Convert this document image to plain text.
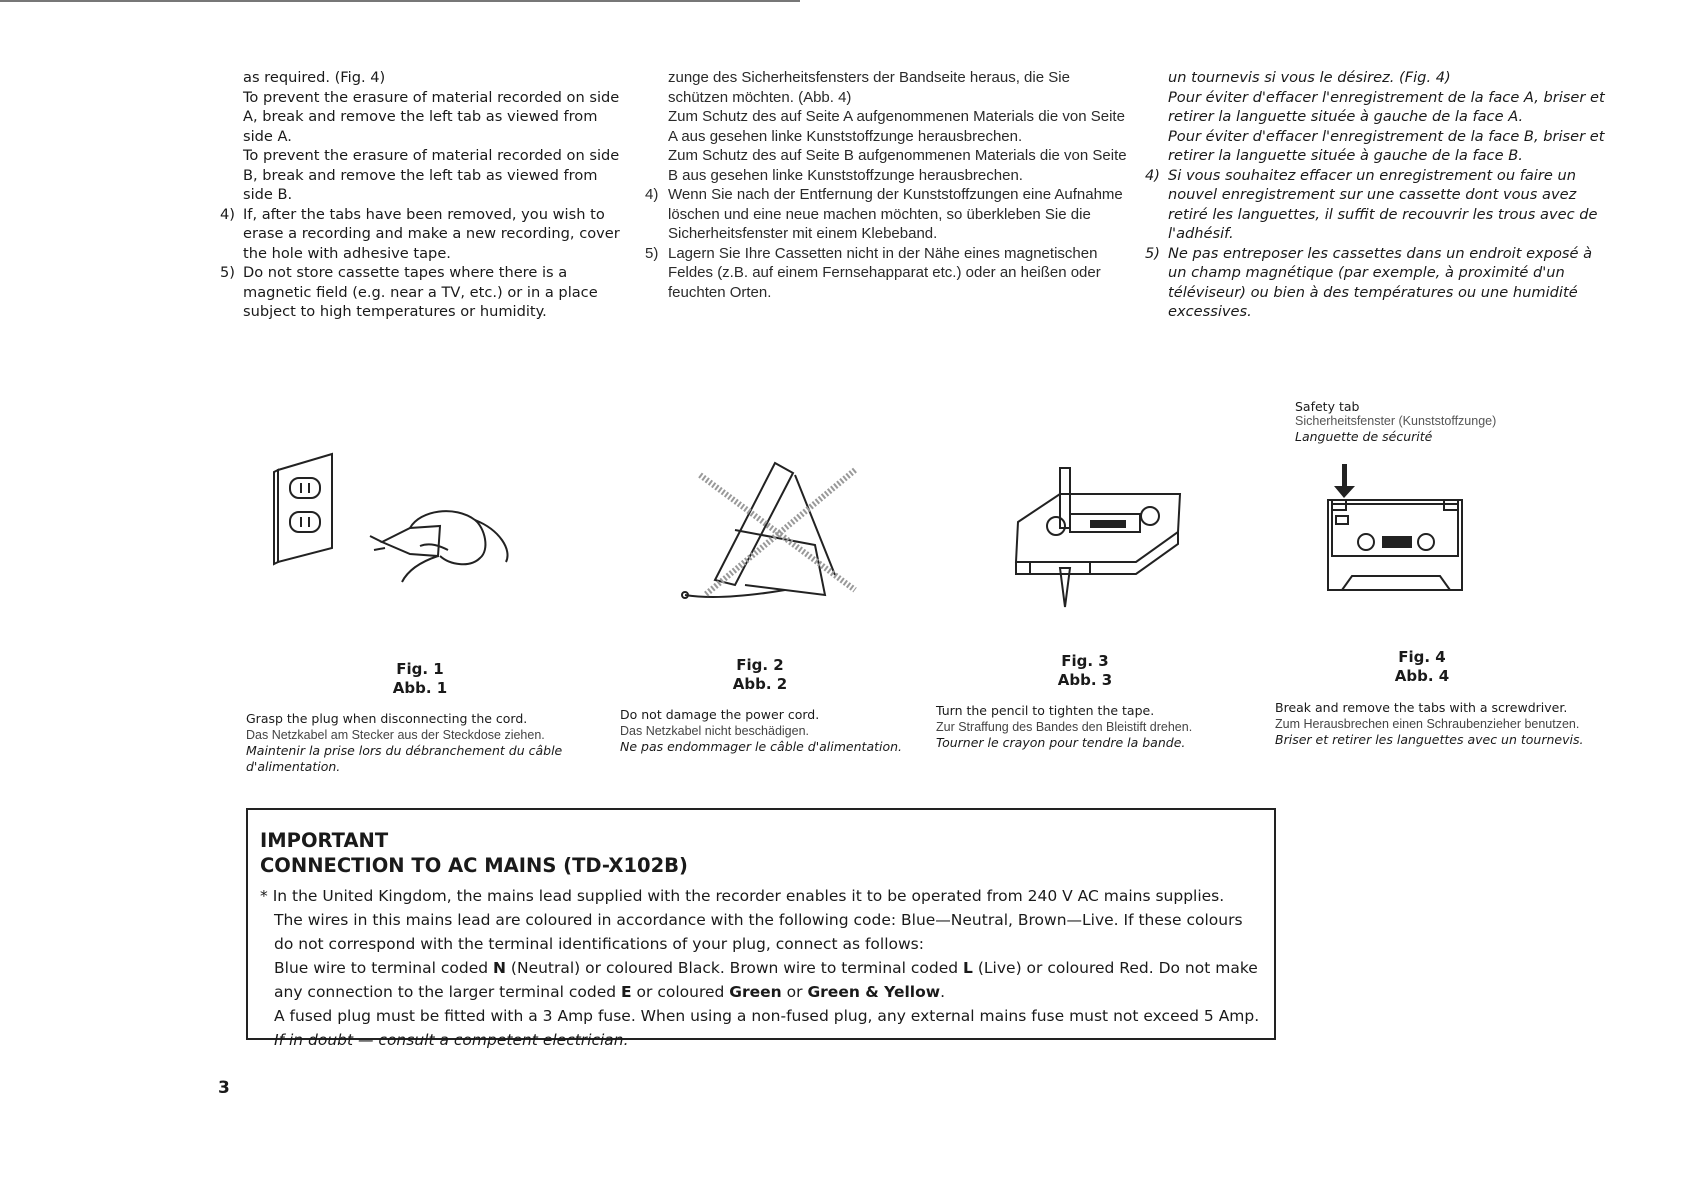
as required. (Fig. 4)

To prevent the erasure of material recorded on side A, break and remove the left tab as viewed from side A.

To prevent the erasure of material recorded on side B, break and remove the left tab as viewed from side B.

4) If, after the tabs have been removed, you wish to erase a recording and make a new recording, cover the hole with adhesive tape.

5) Do not store cassette tapes where there is a magnetic field (e.g. near a TV, etc.) or in a place subject to high temperatures or humidity.

zunge des Sicherheitsfensters der Bandseite heraus, die Sie schützen möchten. (Abb. 4)

Zum Schutz des auf Seite A aufgenommenen Materials die von Seite A aus gesehen linke Kunststoffzunge herausbrechen.

Zum Schutz des auf Seite B aufgenommenen Materials die von Seite B aus gesehen linke Kunststoffzunge herausbrechen.

4) Wenn Sie nach der Entfernung der Kunststoffzungen eine Aufnahme löschen und eine neue machen möchten, so überkleben Sie die Sicherheitsfenster mit einem Klebeband.

5) Lagern Sie Ihre Cassetten nicht in der Nähe eines magnetischen Feldes (z.B. auf einem Fernsehapparat etc.) oder an heißen oder feuchten Orten.

un tournevis si vous le désirez. (Fig. 4)

Pour éviter d'effacer l'enregistrement de la face A, briser et retirer la languette située à gauche de la face A.

Pour éviter d'effacer l'enregistrement de la face B, briser et retirer la languette située à gauche de la face B.

4) Si vous souhaitez effacer un enregistrement ou faire un nouvel enregistrement sur une cassette dont vous avez retiré les languettes, il suffit de recouvrir les trous avec de l'adhésif.

5) Ne pas entreposer les cassettes dans un endroit exposé à un champ magnétique (par exemple, à proximité d'un téléviseur) ou bien à des températures ou une humidité excessives.

Fig. 1
Abb. 1
Grasp the plug when disconnecting the cord.
Das Netzkabel am Stecker aus der Steckdose ziehen.
Maintenir la prise lors du débranchement du câble d'alimentation.
Fig. 2
Abb. 2
Do not damage the power cord.
Das Netzkabel nicht beschädigen.
Ne pas endommager le câble d'alimentation.
Fig. 3
Abb. 3
Turn the pencil to tighten the tape.
Zur Straffung des Bandes den Bleistift drehen.
Tourner le crayon pour tendre la bande.
Safety tab
Sicherheitsfenster (Kunststoffzunge)
Languette de sécurité
Fig. 4
Abb. 4
Break and remove the tabs with a screwdriver.
Zum Herausbrechen einen Schraubenzieher benutzen.
Briser et retirer les languettes avec un tournevis.
IMPORTANT
CONNECTION TO AC MAINS (TD-X102B)

* In the United Kingdom, the mains lead supplied with the recorder enables it to be operated from 240 V AC mains supplies.

The wires in this mains lead are coloured in accordance with the following code: Blue—Neutral, Brown—Live. If these colours do not correspond with the terminal identifications of your plug, connect as follows:

Blue wire to terminal coded N (Neutral) or coloured Black. Brown wire to terminal coded L (Live) or coloured Red. Do not make any connection to the larger terminal coded E or coloured Green or Green & Yellow.

A fused plug must be fitted with a 3 Amp fuse. When using a non-fused plug, any external mains fuse must not exceed 5 Amp.

If in doubt — consult a competent electrician.

3
